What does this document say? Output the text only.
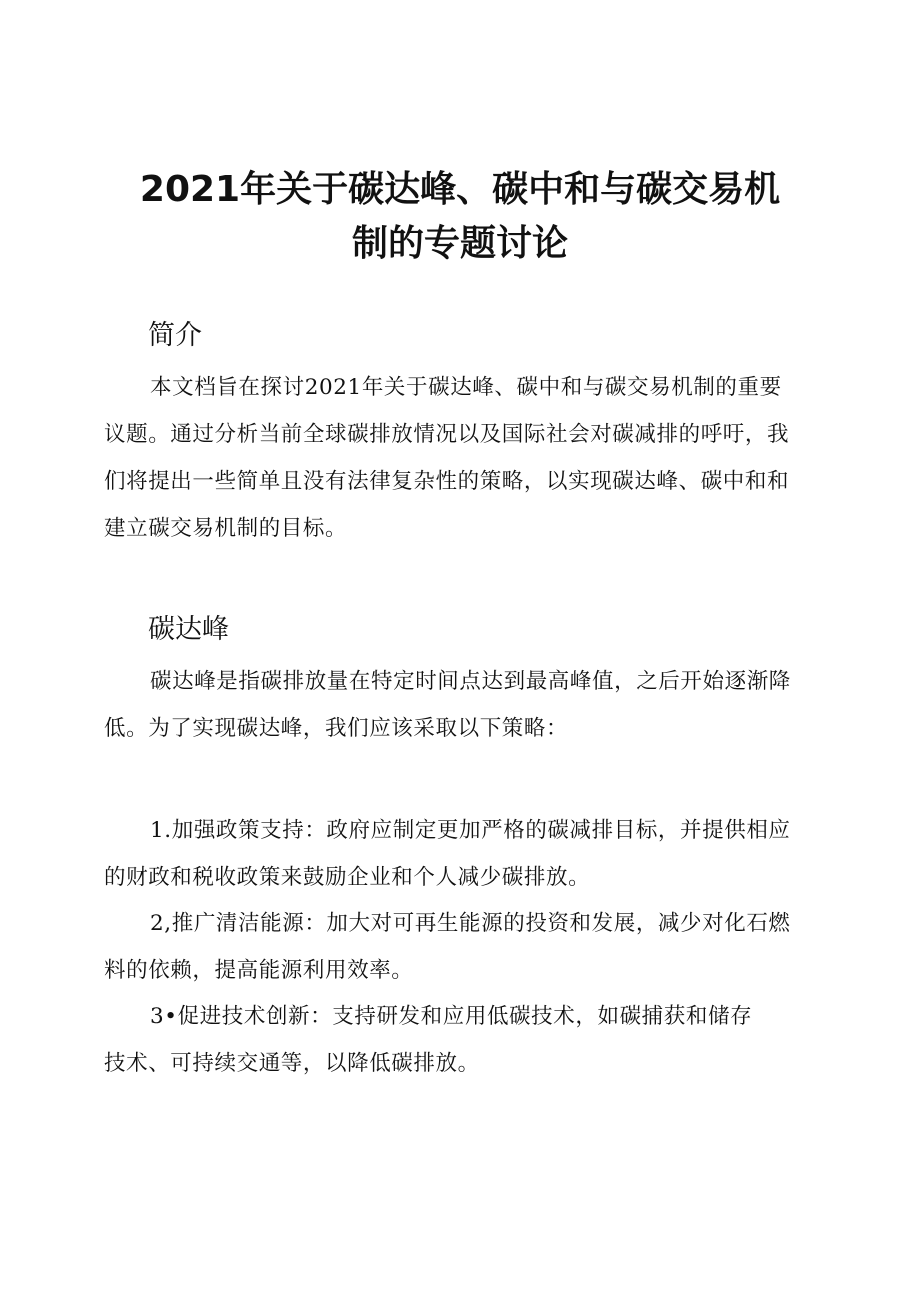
2021年关于碳达峰、碳中和与碳交易机
制的专题讨论
简介

本文档旨在探讨2021年关于碳达峰、碳中和与碳交易机制的重要
议题。通过分析当前全球碳排放情况以及国际社会对碳减排的呼吁，我
们将提出一些简单且没有法律复杂性的策略，以实现碳达峰、碳中和和
建立碳交易机制的目标。

碳达峰

碳达峰是指碳排放量在特定时间点达到最高峰值，之后开始逐渐降
低。为了实现碳达峰，我们应该采取以下策略：

1.加强政策支持：政府应制定更加严格的碳减排目标，并提供相应
的财政和税收政策来鼓励企业和个人减少碳排放。

2,推广清洁能源：加大对可再生能源的投资和发展，减少对化石燃
料的依赖，提高能源利用效率。

3•促进技术创新：支持研发和应用低碳技术，如碳捕获和储存
技术、可持续交通等，以降低碳排放。
